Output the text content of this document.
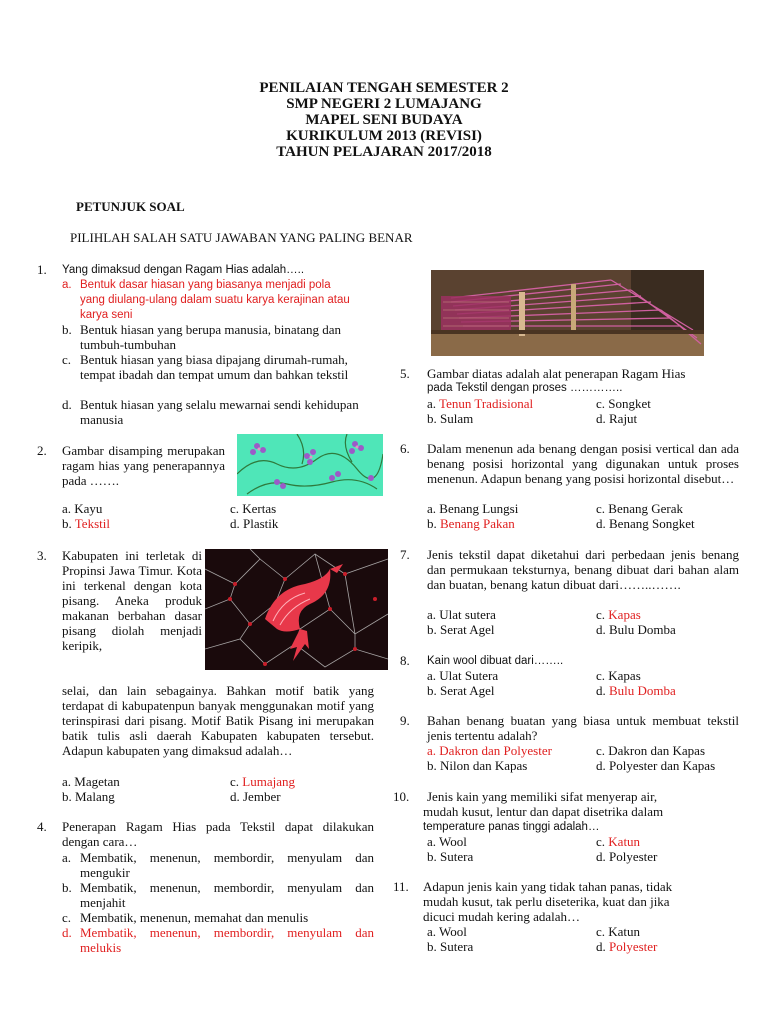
PENILAIAN TENGAH SEMESTER 2
SMP NEGERI 2 LUMAJANG
MAPEL SENI BUDAYA
KURIKULUM 2013 (REVISI)
TAHUN PELAJARAN 2017/2018
PETUNJUK SOAL
PILIHLAH SALAH SATU JAWABAN YANG PALING BENAR
1.	Yang dimaksud dengan Ragam Hias adalah…..
a. Bentuk dasar hiasan yang biasanya menjadi pola yang diulang-ulang dalam suatu karya kerajinan atau karya seni
b. Bentuk hiasan yang berupa manusia, binatang dan tumbuh-tumbuhan
c. Bentuk hiasan yang biasa dipajang dirumah-rumah, tempat ibadah dan tempat umum dan bahkan tekstil
d. Bentuk hiasan yang selalu mewarnai sendi kehidupan manusia
2.	Gambar disamping merupakan ragam hias yang penerapannya pada …….
a. Kayu
b. Tekstil
c. Kertas
d. Plastik
3.	Kabupaten ini terletak di Propinsi Jawa Timur. Kota ini terkenal dengan kota pisang. Aneka produk makanan berbahan dasar pisang diolah menjadi keripik,
selai, dan lain sebagainya. Bahkan motif batik yang terdapat di kabupatenpun banyak menggunakan motif yang terinspirasi dari pisang. Motif Batik Pisang ini merupakan batik tulis asli daerah Kabupaten kabupaten tersebut. Adapun kabupaten yang dimaksud adalah…
a. Magetan
b. Malang
c. Lumajang
d. Jember
4.	Penerapan Ragam Hias pada Tekstil dapat dilakukan dengan cara…
a. Membatik, menenun, membordir, menyulam dan mengukir
b. Membatik, menenun, membordir, menyulam dan menjahit
c. Membatik, menenun, memahat dan menulis
d. Membatik, menenun, membordir, menyulam dan melukis
5.	Gambar diatas adalah alat penerapan Ragam Hias
pada Tekstil dengan proses …………..
a. Tenun Tradisional
b. Sulam
c. Songket
d. Rajut
6.	Dalam menenun ada benang dengan posisi vertical dan ada benang posisi horizontal yang digunakan untuk proses menenun. Adapun benang yang posisi horizontal disebut…
a. Benang Lungsi
b. Benang Pakan
c. Benang Gerak
d. Benang Songket
7.	Jenis tekstil dapat diketahui dari perbedaan jenis benang dan permukaan teksturnya, benang dibuat dari bahan alam dan buatan, benang katun dibuat dari……..…….
a. Ulat sutera
b. Serat Agel
c. Kapas
d. Bulu Domba
8.	Kain wool dibuat dari……..
a. Ulat Sutera
b. Serat Agel
c. Kapas
d. Bulu Domba
9.	Bahan benang buatan yang biasa untuk membuat tekstil jenis tertentu adalah?
a. Dakron dan Polyester
b. Nilon dan Kapas
c. Dakron dan Kapas
d. Polyester dan Kapas
10.	Jenis kain yang memiliki sifat menyerap air,
mudah kusut, lentur dan dapat disetrika dalam
temperature panas tinggi adalah…
a. Wool
b. Sutera
c. Katun
d. Polyester
11.	Adapun jenis kain yang tidak tahan panas, tidak
mudah kusut, tak perlu diseterika, kuat dan jika
dicuci mudah kering adalah…
a. Wool
b. Sutera
c. Katun
d. Polyester
